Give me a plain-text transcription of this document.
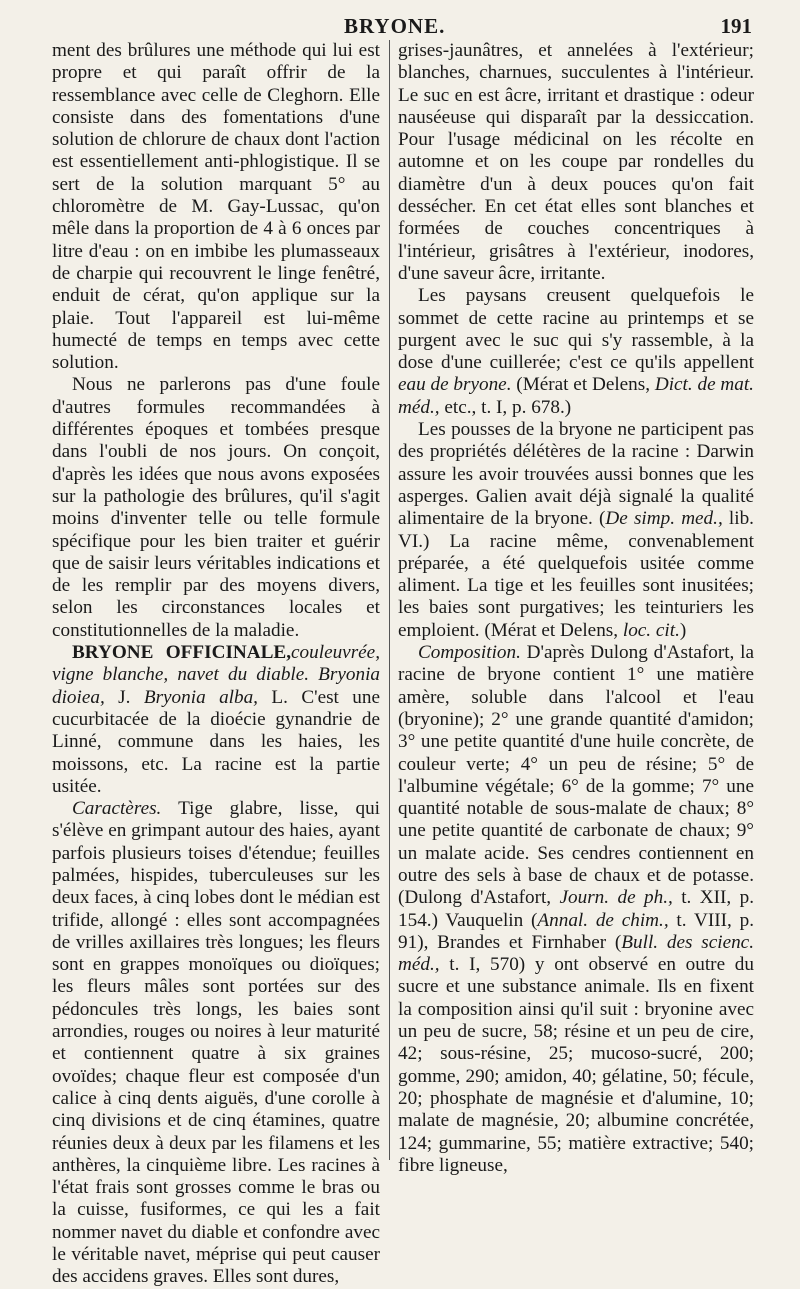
BRYONE.	191

ment des brûlures une méthode qui lui est propre et qui paraît offrir de la ressemblance avec celle de Cleghorn. Elle consiste dans des fomentations d'une solution de chlorure de chaux dont l'action est essentiellement anti-phlogistique. Il se sert de la solution marquant 5° au chloromètre de M. Gay-Lussac, qu'on mêle dans la proportion de 4 à 6 onces par litre d'eau : on en imbibe les plumasseaux de charpie qui recouvrent le linge fenêtré, enduit de cérat, qu'on applique sur la plaie. Tout l'appareil est lui-même humecté de temps en temps avec cette solution.

Nous ne parlerons pas d'une foule d'autres formules recommandées à différentes époques et tombées presque dans l'oubli de nos jours. On conçoit, d'après les idées que nous avons exposées sur la pathologie des brûlures, qu'il s'agit moins d'inventer telle ou telle formule spécifique pour les bien traiter et guérir que de saisir leurs véritables indications et de les remplir par des moyens divers, selon les circonstances locales et constitutionnelles de la maladie.

BRYONE OFFICINALE,couleuvrée, vigne blanche, navet du diable. Bryonia dioiea, J. Bryonia alba, L. C'est une cucurbitacée de la dioécie gynandrie de Linné, commune dans les haies, les moissons, etc. La racine est la partie usitée.

Caractères. Tige glabre, lisse, qui s'élève en grimpant autour des haies, ayant parfois plusieurs toises d'étendue; feuilles palmées, hispides, tuberculeuses sur les deux faces, à cinq lobes dont le médian est trifide, allongé : elles sont accompagnées de vrilles axillaires très longues; les fleurs sont en grappes monoïques ou dioïques; les fleurs mâles sont portées sur des pédoncules très longs, les baies sont arrondies, rouges ou noires à leur maturité et contiennent quatre à six graines ovoïdes; chaque fleur est composée d'un calice à cinq dents aiguës, d'une corolle à cinq divisions et de cinq étamines, quatre réunies deux à deux par les filamens et les anthères, la cinquième libre. Les racines à l'état frais sont grosses comme le bras ou la cuisse, fusiformes, ce qui les a fait nommer navet du diable et confondre avec le véritable navet, méprise qui peut causer des accidens graves. Elles sont dures,

grises-jaunâtres, et annelées à l'extérieur; blanches, charnues, succulentes à l'intérieur. Le suc en est âcre, irritant et drastique : odeur nauséeuse qui disparaît par la dessiccation. Pour l'usage médicinal on les récolte en automne et on les coupe par rondelles du diamètre d'un à deux pouces qu'on fait dessécher. En cet état elles sont blanches et formées de couches concentriques à l'intérieur, grisâtres à l'extérieur, inodores, d'une saveur âcre, irritante.

Les paysans creusent quelquefois le sommet de cette racine au printemps et se purgent avec le suc qui s'y rassemble, à la dose d'une cuillerée; c'est ce qu'ils appellent eau de bryone. (Mérat et Delens, Dict. de mat. méd., etc., t. I, p. 678.)

Les pousses de la bryone ne participent pas des propriétés délétères de la racine : Darwin assure les avoir trouvées aussi bonnes que les asperges. Galien avait déjà signalé la qualité alimentaire de la bryone. (De simp. med., lib. VI.) La racine même, convenablement préparée, a été quelquefois usitée comme aliment. La tige et les feuilles sont inusitées; les baies sont purgatives; les teinturiers les emploient. (Mérat et Delens, loc. cit.)

Composition. D'après Dulong d'Astafort, la racine de bryone contient 1° une matière amère, soluble dans l'alcool et l'eau (bryonine); 2° une grande quantité d'amidon; 3° une petite quantité d'une huile concrète, de couleur verte; 4° un peu de résine; 5° de l'albumine végétale; 6° de la gomme; 7° une quantité notable de sous-malate de chaux; 8° une petite quantité de carbonate de chaux; 9° un malate acide. Ses cendres contiennent en outre des sels à base de chaux et de potasse. (Dulong d'Astafort, Journ. de ph., t. XII, p. 154.) Vauquelin (Annal. de chim., t. VIII, p. 91), Brandes et Firnhaber (Bull. des scienc. méd., t. I, 570) y ont observé en outre du sucre et une substance animale. Ils en fixent la composition ainsi qu'il suit : bryonine avec un peu de sucre, 58; résine et un peu de cire, 42; sous-résine, 25; mucoso-sucré, 200; gomme, 290; amidon, 40; gélatine, 50; fécule, 20; phosphate de magnésie et d'alumine, 10; malate de magnésie, 20; albumine concrétée, 124; gummarine, 55; matière extractive; 540; fibre ligneuse,
